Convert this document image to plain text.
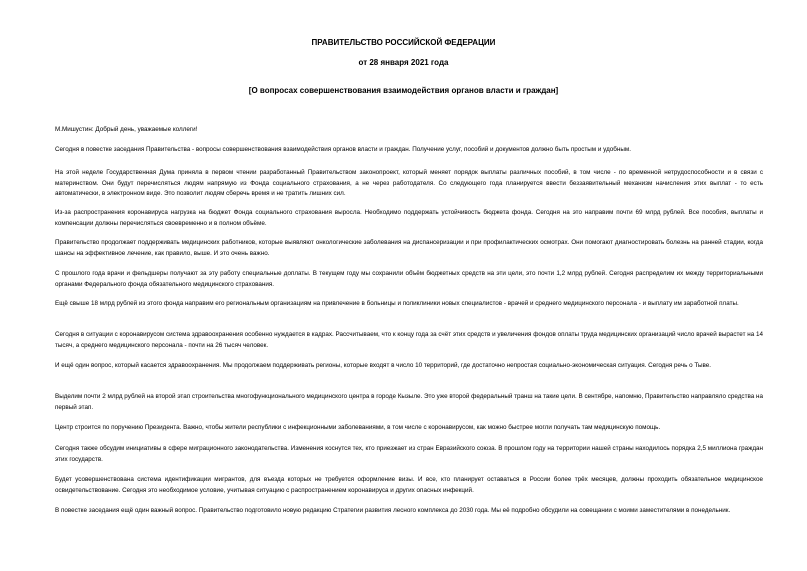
ПРАВИТЕЛЬСТВО РОССИЙСКОЙ ФЕДЕРАЦИИ
от 28 января 2021 года
[О вопросах совершенствования взаимодействия органов власти и граждан]
М.Мишустин: Добрый день, уважаемые коллеги!
Сегодня в повестке заседания Правительства - вопросы совершенствования взаимодействия органов власти и граждан. Получение услуг, пособий и документов должно быть простым и удобным.
На этой неделе Государственная Дума приняла в первом чтении разработанный Правительством законопроект, который меняет порядок выплаты различных пособий, в том числе - по временной нетрудоспособности и в связи с материнством. Они будут перечисляться людям напрямую из Фонда социального страхования, а не через работодателя. Со следующего года планируется ввести беззаявительный механизм начисления этих выплат - то есть автоматически, в электронном виде. Это позволит людям сберечь время и не тратить лишних сил.
Из-за распространения коронавируса нагрузка на бюджет Фонда социального страхования выросла. Необходимо поддержать устойчивость бюджета фонда. Сегодня на это направим почти 69 млрд рублей. Все пособия, выплаты и компенсации должны перечисляться своевременно и в полном объёме.
Правительство продолжает поддерживать медицинских работников, которые выявляют онкологические заболевания на диспансеризации и при профилактических осмотрах. Они помогают диагностировать болезнь на ранней стадии, когда шансы на эффективное лечение, как правило, выше. И это очень важно.
С прошлого года врачи и фельдшеры получают за эту работу специальные доплаты. В текущем году мы сохранили объём бюджетных средств на эти цели, это почти 1,2 млрд рублей. Сегодня распределим их между территориальными органами Федерального фонда обязательного медицинского страхования.
Ещё свыше 18 млрд рублей из этого фонда направим его региональным организациям на привлечение в больницы и поликлиники новых специалистов - врачей и среднего медицинского персонала - и выплату им заработной платы.
Сегодня в ситуации с коронавирусом система здравоохранения особенно нуждается в кадрах. Рассчитываем, что к концу года за счёт этих средств и увеличения фондов оплаты труда медицинских организаций число врачей вырастет на 14 тысяч, а среднего медицинского персонала - почти на 26 тысяч человек.
И ещё один вопрос, который касается здравоохранения. Мы продолжаем поддерживать регионы, которые входят в число 10 территорий, где достаточно непростая социально-экономическая ситуация. Сегодня речь о Тыве.
Выделим почти 2 млрд рублей на второй этап строительства многофункционального медицинского центра в городе Кызыле. Это уже второй федеральный транш на такие цели. В сентябре, напомню, Правительство направляло средства на первый этап.
Центр строится по поручению Президента. Важно, чтобы жители республики с инфекционными заболеваниями, в том числе с коронавирусом, как можно быстрее могли получать там медицинскую помощь.
Сегодня также обсудим инициативы в сфере миграционного законодательства. Изменения коснутся тех, кто приезжает из стран Евразийского союза. В прошлом году на территории нашей страны находилось порядка 2,5 миллиона граждан этих государств.
Будет усовершенствована система идентификации мигрантов, для въезда которых не требуется оформление визы. И все, кто планирует оставаться в России более трёх месяцев, должны проходить обязательное медицинское освидетельствование. Сегодня это необходимое условие, учитывая ситуацию с распространением коронавируса и других опасных инфекций.
В повестке заседания ещё один важный вопрос. Правительство подготовило новую редакцию Стратегии развития лесного комплекса до 2030 года. Мы её подробно обсудили на совещании с моими заместителями в понедельник.
